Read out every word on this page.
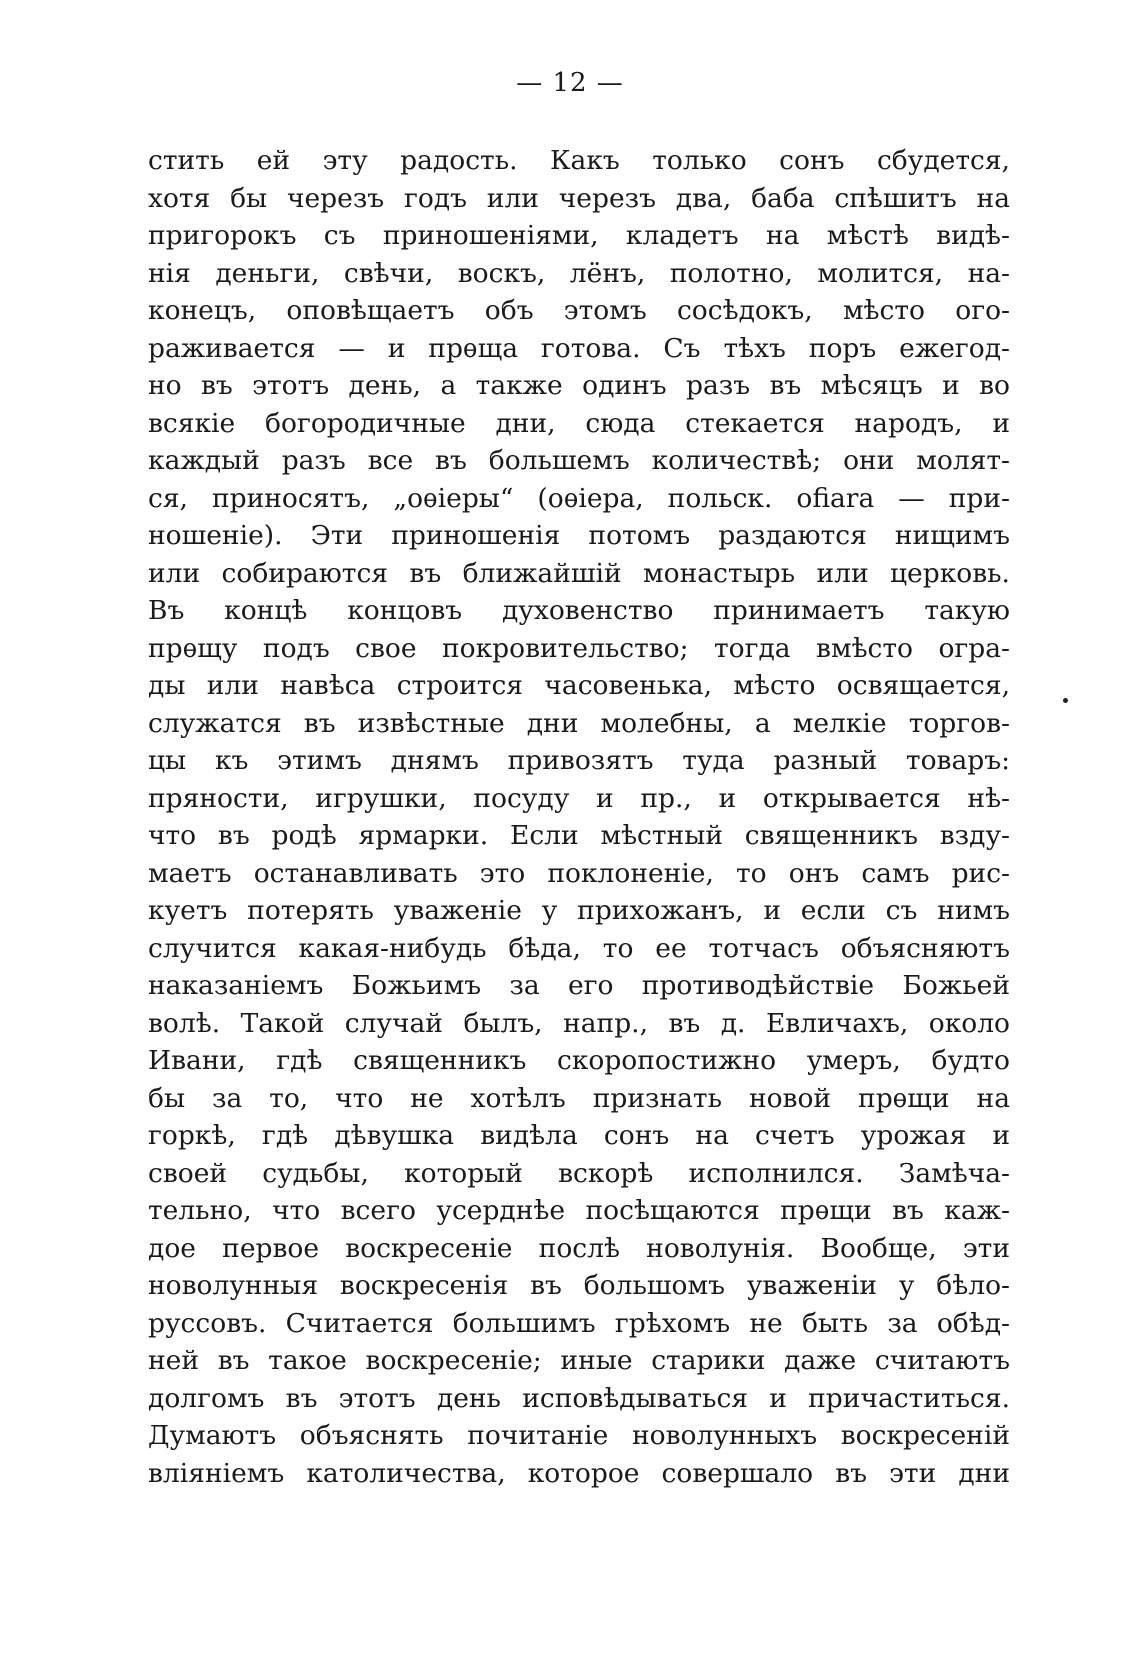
— 12 —
стить ей эту радость. Какъ только сонъ сбудется,
хотя бы черезъ годъ или черезъ два, баба спѣшитъ на
пригорокъ съ приношеніями, кладетъ на мѣстѣ видѣ-
нія деньги, свѣчи, воскъ, лёнъ, полотно, молится, на-
конецъ, оповѣщаетъ объ этомъ сосѣдокъ, мѣсто ого-
раживается — и прѳща готова. Съ тѣхъ поръ ежегод-
но въ этотъ день, а также одинъ разъ въ мѣсяцъ и во
всякіе богородичные дни, сюда стекается народъ, и
каждый разъ все въ большемъ количествѣ; они молят-
ся, приносятъ, „оѳіеры“ (оѳіера, польск. ofiara — при-
ношеніе). Эти приношенія потомъ раздаются нищимъ
или собираются въ ближайшій монастырь или церковь.
Въ концѣ концовъ духовенство принимаетъ такую
прѳщу подъ свое покровительство; тогда вмѣсто огра-
ды или навѣса строится часовенька, мѣсто освящается,
служатся въ извѣстные дни молебны, а мелкіе торгов-
цы къ этимъ днямъ привозятъ туда разный товаръ:
пряности, игрушки, посуду и пр., и открывается нѣ-
что въ родѣ ярмарки. Если мѣстный священникъ взду-
маетъ останавливать это поклоненіе, то онъ самъ рис-
куетъ потерять уваженіе у прихожанъ, и если съ нимъ
случится какая-нибудь бѣда, то ее тотчасъ объясняютъ
наказаніемъ Божьимъ за его противодѣйствіе Божьей
волѣ. Такой случай былъ, напр., въ д. Евличахъ, около
Ивани, гдѣ священникъ скоропостижно умеръ, будто
бы за то, что не хотѣлъ признать новой прѳщи на
горкѣ, гдѣ дѣвушка видѣла сонъ на счетъ урожая и
своей судьбы, который вскорѣ исполнился. Замѣча-
тельно, что всего усерднѣе посѣщаются прѳщи въ каж-
дое первое воскресеніе послѣ новолунія. Вообще, эти
новолунныя воскресенія въ большомъ уваженіи у бѣло-
руссовъ. Считается большимъ грѣхомъ не быть за обѣд-
ней въ такое воскресеніе; иные старики даже считаютъ
долгомъ въ этотъ день исповѣдываться и причаститься.
Думаютъ объяснять почитаніе новолунныхъ воскресеній
вліяніемъ католичества, которое совершало въ эти дни
